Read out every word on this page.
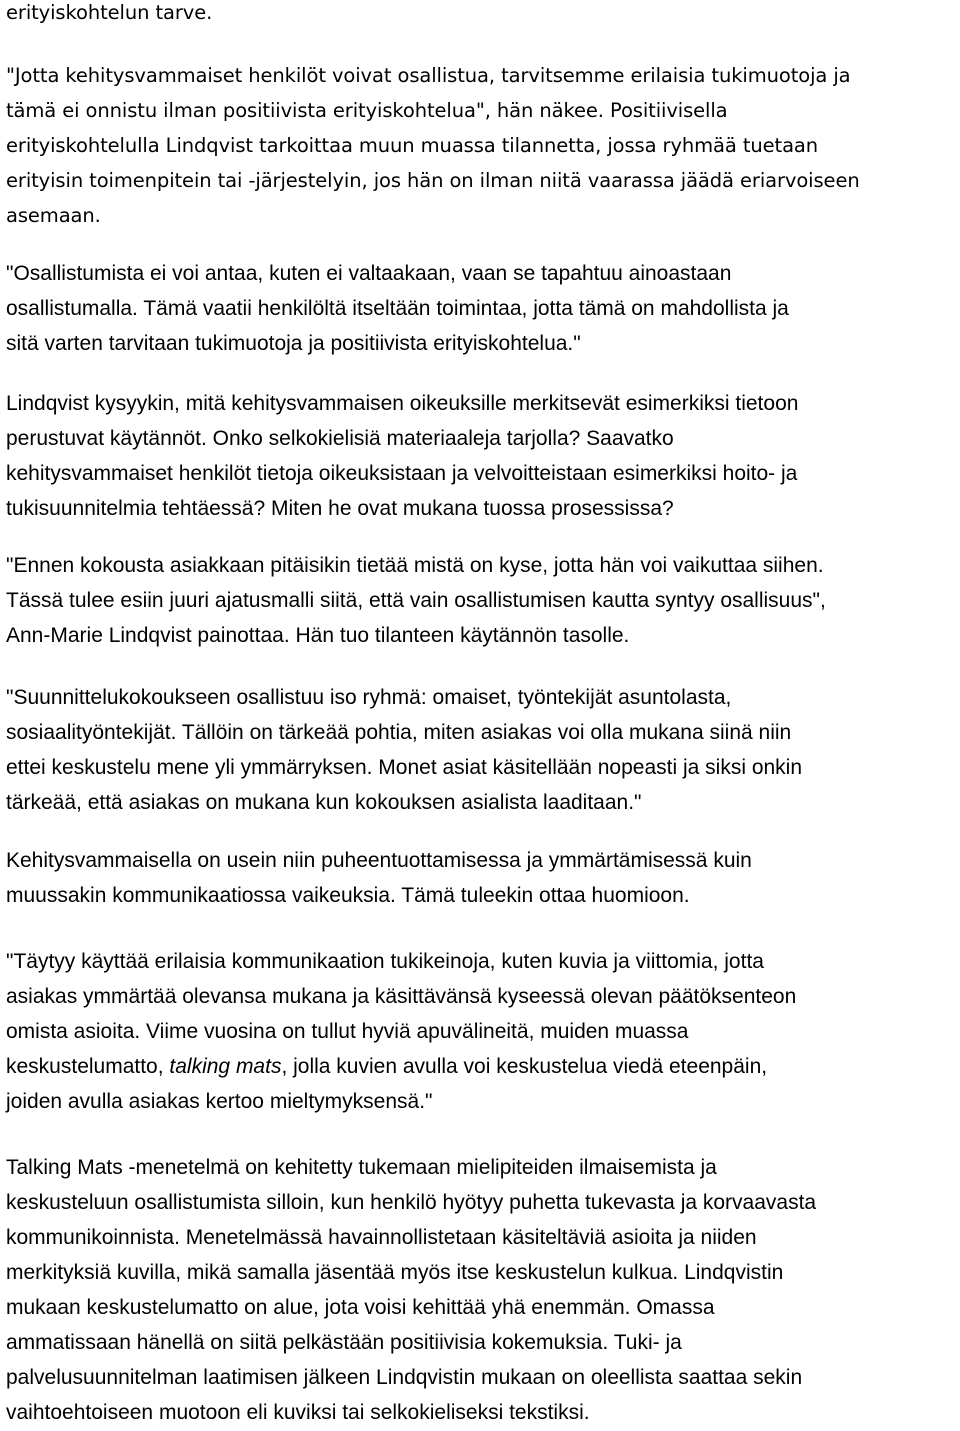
erityiskohtelun tarve.
"Jotta kehitysvammaiset henkilöt voivat osallistua, tarvitsemme erilaisia tukimuotoja ja
tämä ei onnistu ilman positiivista erityiskohtelua", hän näkee. Positiivisella
erityiskohtelulla Lindqvist tarkoittaa muun muassa tilannetta, jossa ryhmää tuetaan
erityisin toimenpitein tai -järjestelyin, jos hän on ilman niitä vaarassa jäädä eriarvoiseen
asemaan.
"Osallistumista ei voi antaa, kuten ei valtaakaan, vaan se tapahtuu ainoastaan
osallistumalla. Tämä vaatii henkilöltä itseltään toimintaa, jotta tämä on mahdollista ja
sitä varten tarvitaan tukimuotoja ja positiivista erityiskohtelua."
Lindqvist kysyykin, mitä kehitysvammaisen oikeuksille merkitsevät esimerkiksi tietoon
perustuvat käytännöt. Onko selkokielisiä materiaaleja tarjolla? Saavatko
kehitysvammaiset henkilöt tietoja oikeuksistaan ja velvoitteistaan esimerkiksi hoito- ja
tukisuunnitelmia tehtäessä? Miten he ovat mukana tuossa prosessissa?
"Ennen kokousta asiakkaan pitäisikin tietää mistä on kyse, jotta hän voi vaikuttaa siihen.
Tässä tulee esiin juuri ajatusmalli siitä, että vain osallistumisen kautta syntyy osallisuus",
Ann-Marie Lindqvist painottaa. Hän tuo tilanteen käytännön tasolle.
"Suunnittelukokoukseen osallistuu iso ryhmä: omaiset, työntekijät asuntolasta,
sosiaalityöntekijät. Tällöin on tärkeää pohtia, miten asiakas voi olla mukana siinä niin
ettei keskustelu mene yli ymmärryksen. Monet asiat käsitellään nopeasti ja siksi onkin
tärkeää, että asiakas on mukana kun kokouksen asialista laaditaan."
Kehitysvammaisella on usein niin puheentuottamisessa ja ymmärtämisessä kuin
muussakin kommunikaatiossa vaikeuksia. Tämä tuleekin ottaa huomioon.
"Täytyy käyttää erilaisia kommunikaation tukikeinoja, kuten kuvia ja viittomia, jotta
asiakas ymmärtää olevansa mukana ja käsittävänsä kyseessä olevan päätöksenteon
omista asioita. Viime vuosina on tullut hyviä apuvälineitä, muiden muassa
keskustelumatto, talking mats, jolla kuvien avulla voi keskustelua viedä eteenpäin,
joiden avulla asiakas kertoo mieltymyksensä."
Talking Mats -menetelmä on kehitetty tukemaan mielipiteiden ilmaisemista ja
keskusteluun osallistumista silloin, kun henkilö hyötyy puhetta tukevasta ja korvaavasta
kommunikoinnista. Menetelmässä havainnollistetaan käsiteltäviä asioita ja niiden
merkityksiä kuvilla, mikä samalla jäsentää myös itse keskustelun kulkua. Lindqvistin
mukaan keskustelumatto on alue, jota voisi kehittää yhä enemmän. Omassa
ammatissaan hänellä on siitä pelkästään positiivisia kokemuksia. Tuki- ja
palvelusuunnitelman laatimisen jälkeen Lindqvistin mukaan on oleellista saattaa sekin
vaihtoehtoiseen muotoon eli kuviksi tai selkokieliseksi tekstiksi.
